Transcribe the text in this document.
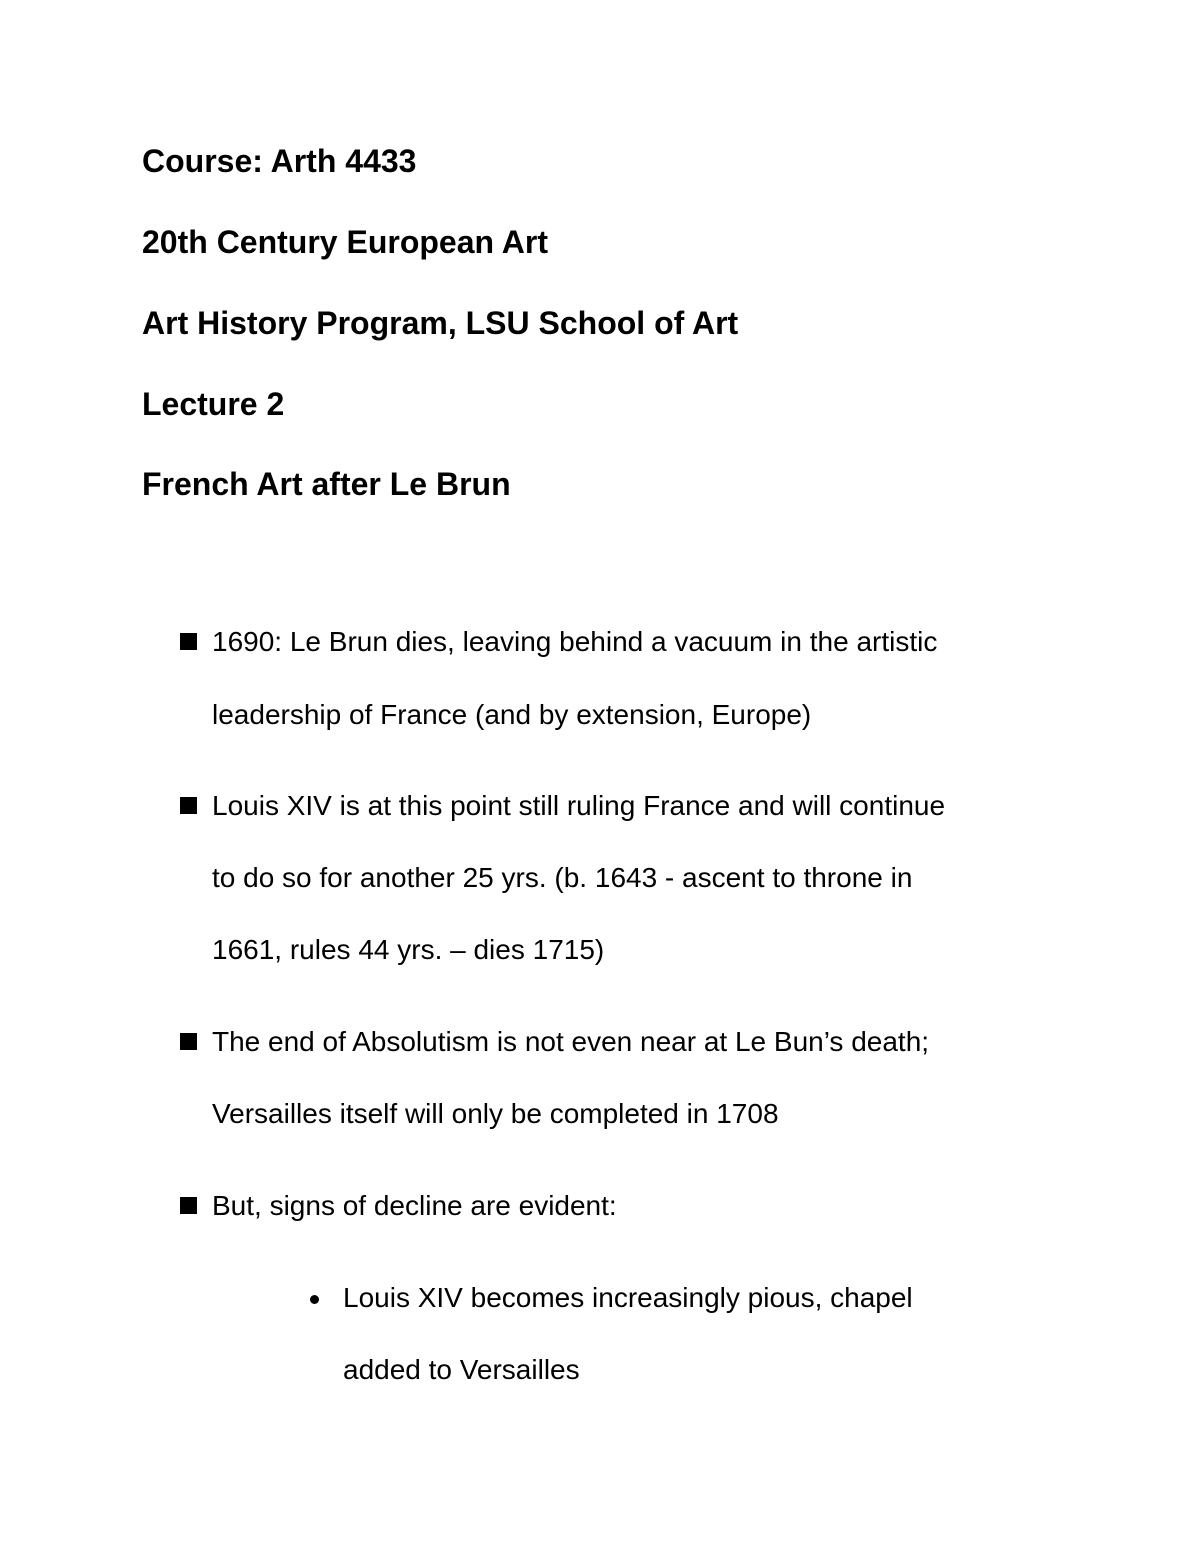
Course: Arth 4433

20th Century European Art

Art History Program, LSU School of Art

Lecture 2

French Art after Le Brun

1690: Le Brun dies, leaving behind a vacuum in the artistic

leadership of France (and by extension, Europe)

Louis XIV is at this point still ruling France and will continue

to do so for another 25 yrs. (b. 1643 - ascent to throne in

1661, rules 44 yrs. – dies 1715)

The end of Absolutism is not even near at Le Bun’s death;

Versailles itself will only be completed in 1708

But, signs of decline are evident:

Louis XIV becomes increasingly pious, chapel

added to Versailles
